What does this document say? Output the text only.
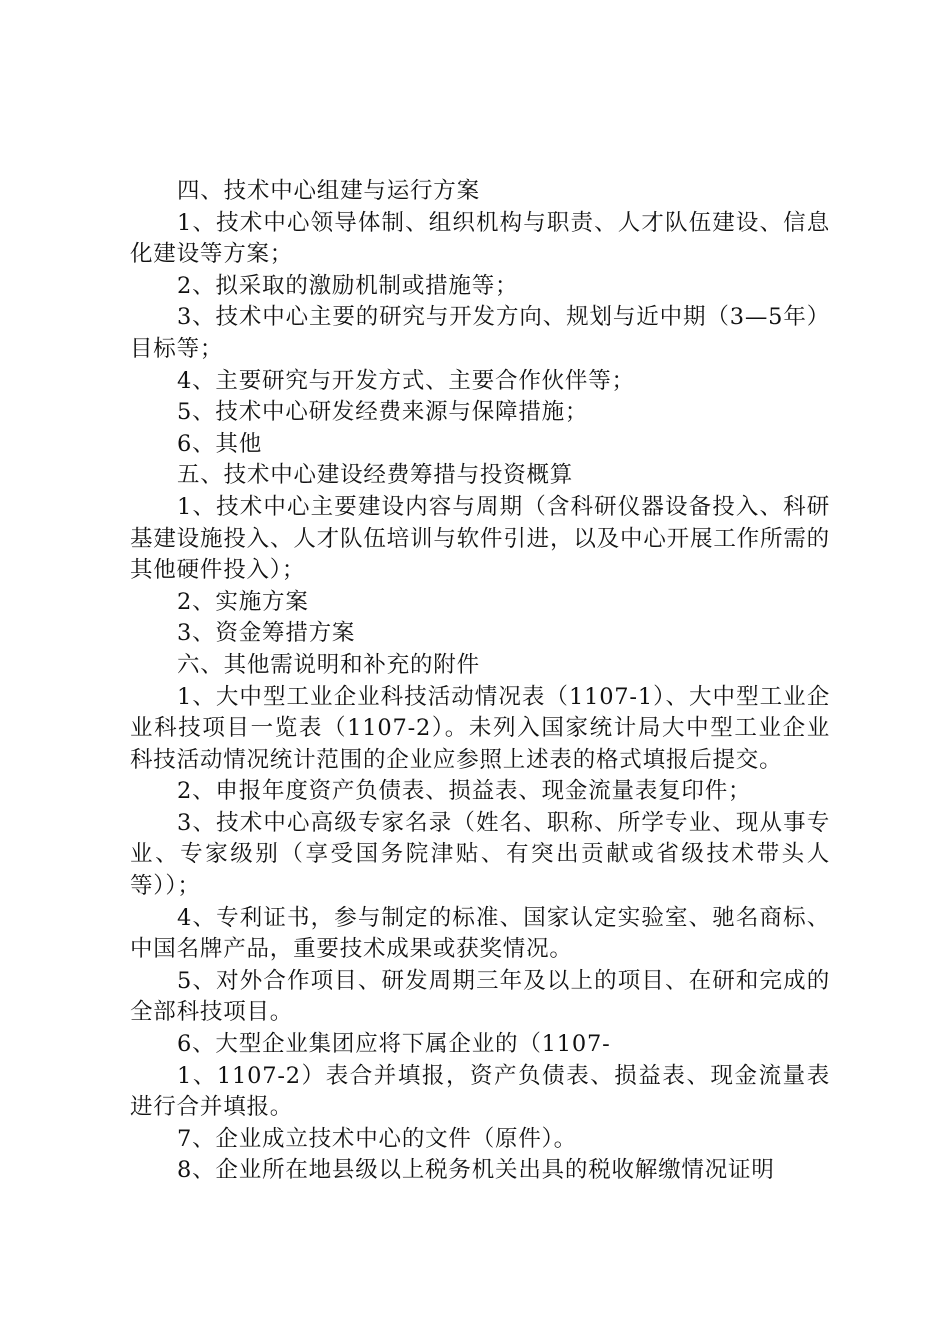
四、技术中心组建与运行方案

1、技术中心领导体制、组织机构与职责、人才队伍建设、信息化建设等方案；

2、拟采取的激励机制或措施等；

3、技术中心主要的研究与开发方向、规划与近中期（3—5年）目标等；

4、主要研究与开发方式、主要合作伙伴等；

5、技术中心研发经费来源与保障措施；

6、其他

五、技术中心建设经费筹措与投资概算

1、技术中心主要建设内容与周期（含科研仪器设备投入、科研基建设施投入、人才队伍培训与软件引进，以及中心开展工作所需的其他硬件投入）；

2、实施方案

3、资金筹措方案

六、其他需说明和补充的附件

1、大中型工业企业科技活动情况表（1107-1）、大中型工业企业科技项目一览表（1107-2）。未列入国家统计局大中型工业企业科技活动情况统计范围的企业应参照上述表的格式填报后提交。

2、申报年度资产负债表、损益表、现金流量表复印件；

3、技术中心高级专家名录（姓名、职称、所学专业、现从事专业、专家级别（享受国务院津贴、有突出贡献或省级技术带头人等））；

4、专利证书，参与制定的标准、国家认定实验室、驰名商标、中国名牌产品，重要技术成果或获奖情况。

5、对外合作项目、研发周期三年及以上的项目、在研和完成的全部科技项目。

6、大型企业集团应将下属企业的（1107-

1、1107-2）表合并填报，资产负债表、损益表、现金流量表进行合并填报。

7、企业成立技术中心的文件（原件）。

8、企业所在地县级以上税务机关出具的税收解缴情况证明
